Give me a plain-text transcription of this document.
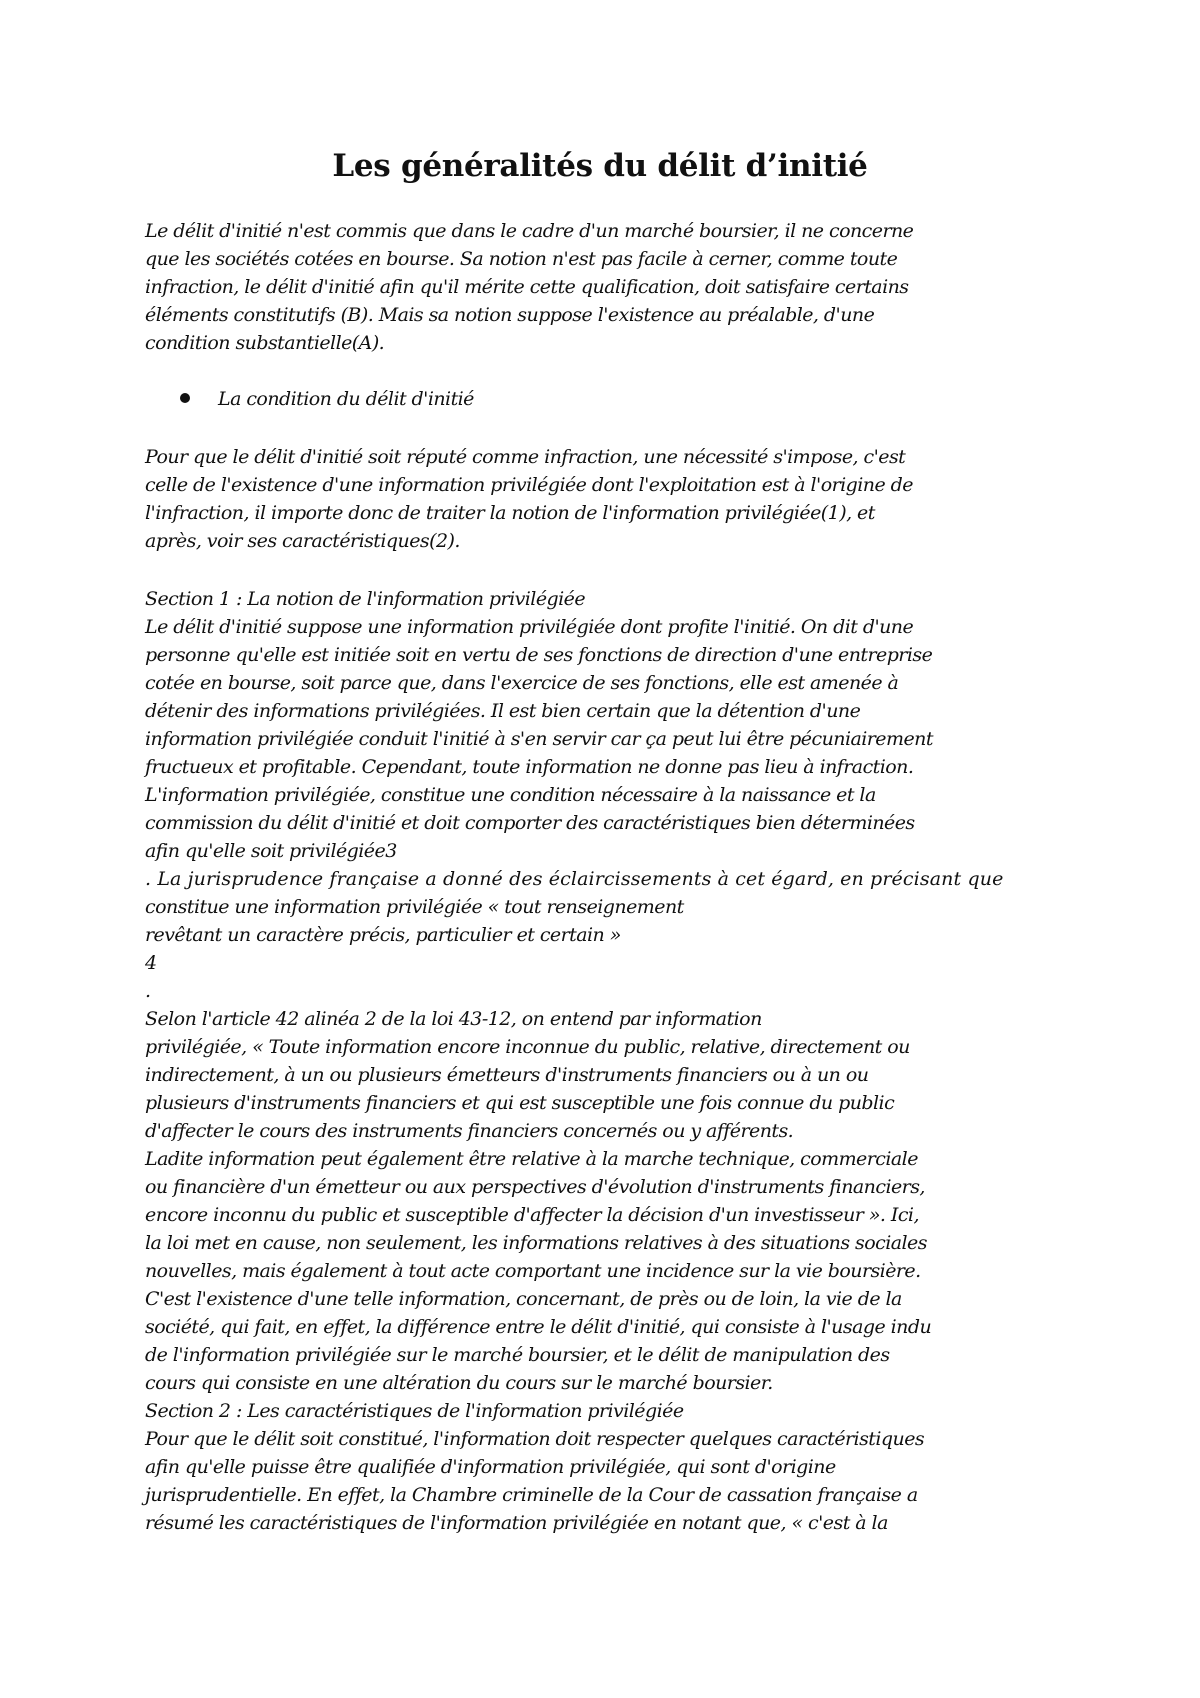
Les généralités du délit d’initié
Le délit d'initié n'est commis que dans le cadre d'un marché boursier, il ne concerne
que les sociétés cotées en bourse. Sa notion n'est pas facile à cerner, comme toute
infraction, le délit d'initié afin qu'il mérite cette qualification, doit satisfaire certains
éléments constitutifs (B). Mais sa notion suppose l'existence au préalable, d'une
condition substantielle(A).
La condition du délit d'initié
Pour que le délit d'initié soit réputé comme infraction, une nécessité s'impose, c'est
celle de l'existence d'une information privilégiée dont l'exploitation est à l'origine de
l'infraction, il importe donc de traiter la notion de l'information privilégiée(1), et
après, voir ses caractéristiques(2).
Section 1 : La notion de l'information privilégiée
Le délit d'initié suppose une information privilégiée dont profite l'initié. On dit d'une
personne qu'elle est initiée soit en vertu de ses fonctions de direction d'une entreprise
cotée en bourse, soit parce que, dans l'exercice de ses fonctions, elle est amenée à
détenir des informations privilégiées. Il est bien certain que la détention d'une
information privilégiée conduit l'initié à s'en servir car ça peut lui être pécuniairement
fructueux et profitable. Cependant, toute information ne donne pas lieu à infraction.
L'information privilégiée, constitue une condition nécessaire à la naissance et la
commission du délit d'initié et doit comporter des caractéristiques bien déterminées
afin qu'elle soit privilégiée3
. La jurisprudence française a donné des éclaircissements à cet égard, en précisant que
constitue une information privilégiée « tout renseignement
revêtant un caractère précis, particulier et certain »
4
.
Selon l'article 42 alinéa 2 de la loi 43-12, on entend par information
privilégiée, « Toute information encore inconnue du public, relative, directement ou
indirectement, à un ou plusieurs émetteurs d'instruments financiers ou à un ou
plusieurs d'instruments financiers et qui est susceptible une fois connue du public
d'affecter le cours des instruments financiers concernés ou y afférents.
Ladite information peut également être relative à la marche technique, commerciale
ou financière d'un émetteur ou aux perspectives d'évolution d'instruments financiers,
encore inconnu du public et susceptible d'affecter la décision d'un investisseur ». Ici,
la loi met en cause, non seulement, les informations relatives à des situations sociales
nouvelles, mais également à tout acte comportant une incidence sur la vie boursière.
C'est l'existence d'une telle information, concernant, de près ou de loin, la vie de la
société, qui fait, en effet, la différence entre le délit d'initié, qui consiste à l'usage indu
de l'information privilégiée sur le marché boursier, et le délit de manipulation des
cours qui consiste en une altération du cours sur le marché boursier.
Section 2 : Les caractéristiques de l'information privilégiée
Pour que le délit soit constitué, l'information doit respecter quelques caractéristiques
afin qu'elle puisse être qualifiée d'information privilégiée, qui sont d'origine
jurisprudentielle. En effet, la Chambre criminelle de la Cour de cassation française a
résumé les caractéristiques de l'information privilégiée en notant que, « c'est à la
